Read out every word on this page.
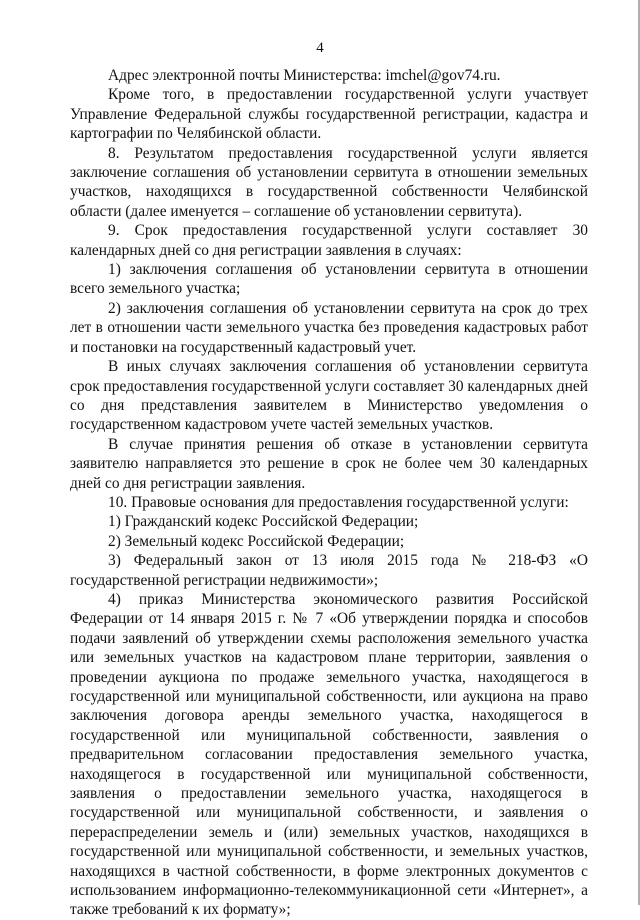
4

Адрес электронной почты Министерства: imchel@gov74.ru.

Кроме того, в предоставлении государственной услуги участвует Управление Федеральной службы государственной регистрации, кадастра и картографии по Челябинской области.

8. Результатом предоставления государственной услуги является заключение соглашения об установлении сервитута в отношении земельных участков, находящихся в государственной собственности Челябинской области (далее именуется – соглашение об установлении сервитута).

9. Срок предоставления государственной услуги составляет 30 календарных дней со дня регистрации заявления в случаях:

1) заключения соглашения об установлении сервитута в отношении всего земельного участка;

2) заключения соглашения об установлении сервитута на срок до трех лет в отношении части земельного участка без проведения кадастровых работ и постановки на государственный кадастровый учет.

В иных случаях заключения соглашения об установлении сервитута срок предоставления государственной услуги составляет 30 календарных дней со дня представления заявителем в Министерство уведомления о государственном кадастровом учете частей земельных участков.

В случае принятия решения об отказе в установлении сервитута заявителю направляется это решение в срок не более чем 30 календарных дней со дня регистрации заявления.

10. Правовые основания для предоставления государственной услуги:

1) Гражданский кодекс Российской Федерации;

2) Земельный кодекс Российской Федерации;

3) Федеральный закон от 13 июля 2015 года № 218-ФЗ «О государственной регистрации недвижимости»;

4) приказ Министерства экономического развития Российской Федерации от 14 января 2015 г. № 7 «Об утверждении порядка и способов подачи заявлений об утверждении схемы расположения земельного участка или земельных участков на кадастровом плане территории, заявления о проведении аукциона по продаже земельного участка, находящегося в государственной или муниципальной собственности, или аукциона на право заключения договора аренды земельного участка, находящегося в государственной или муниципальной собственности, заявления о предварительном согласовании предоставления земельного участка, находящегося в государственной или муниципальной собственности, заявления о предоставлении земельного участка, находящегося в государственной или муниципальной собственности, и заявления о перераспределении земель и (или) земельных участков, находящихся в государственной или муниципальной собственности, и земельных участков, находящихся в частной собственности, в форме электронных документов с использованием информационно-телекоммуникационной сети «Интернет», а также требований к их формату»;
